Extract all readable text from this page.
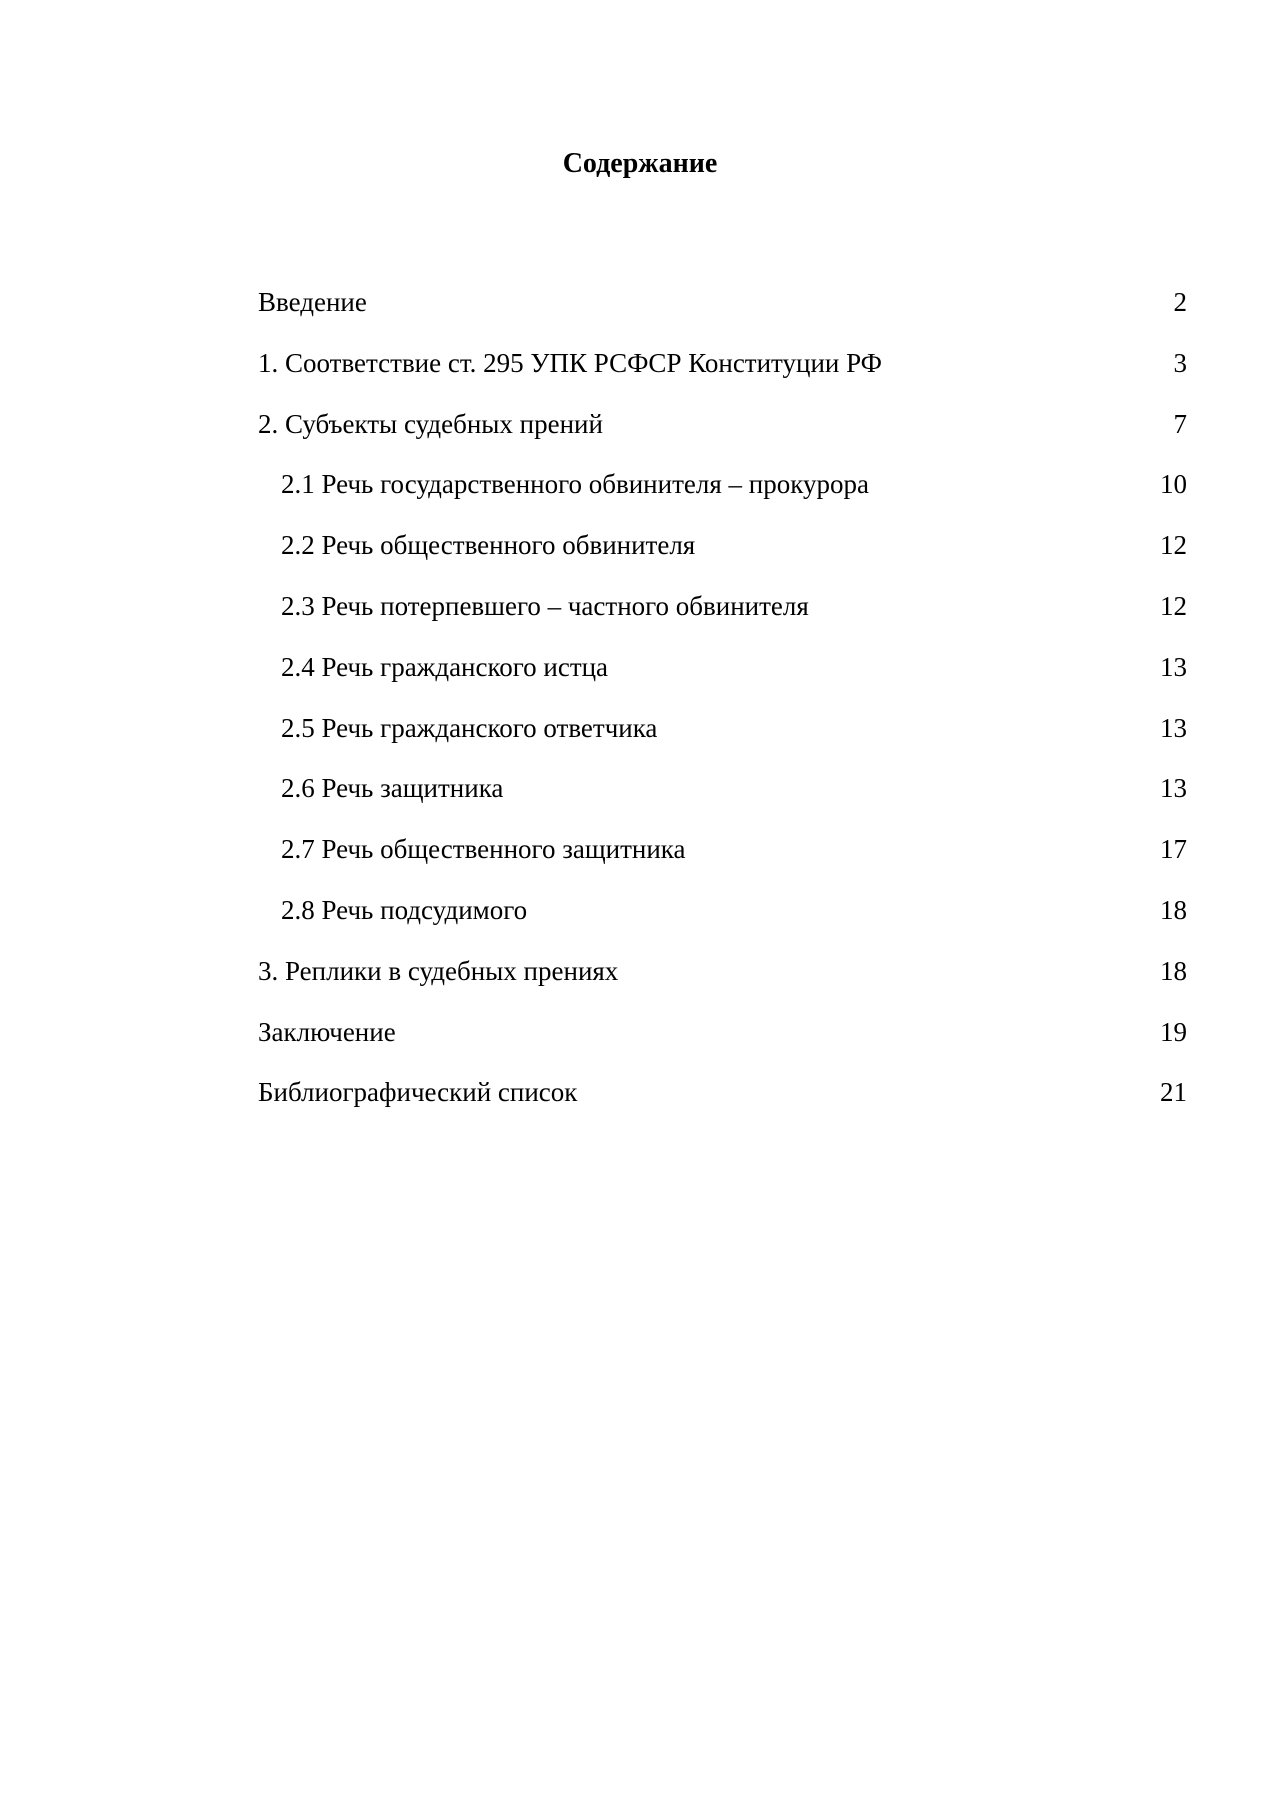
Содержание
Введение	2
1. Соответствие ст. 295 УПК РСФСР Конституции РФ	3
2. Субъекты судебных прений	7
2.1 Речь государственного обвинителя – прокурора	10
2.2 Речь общественного обвинителя	12
2.3 Речь потерпевшего – частного обвинителя	12
2.4 Речь гражданского истца	13
2.5 Речь гражданского ответчика	13
2.6 Речь защитника	13
2.7 Речь общественного защитника	17
2.8 Речь подсудимого	18
3. Реплики в судебных прениях	18
Заключение	19
Библиографический список	21
